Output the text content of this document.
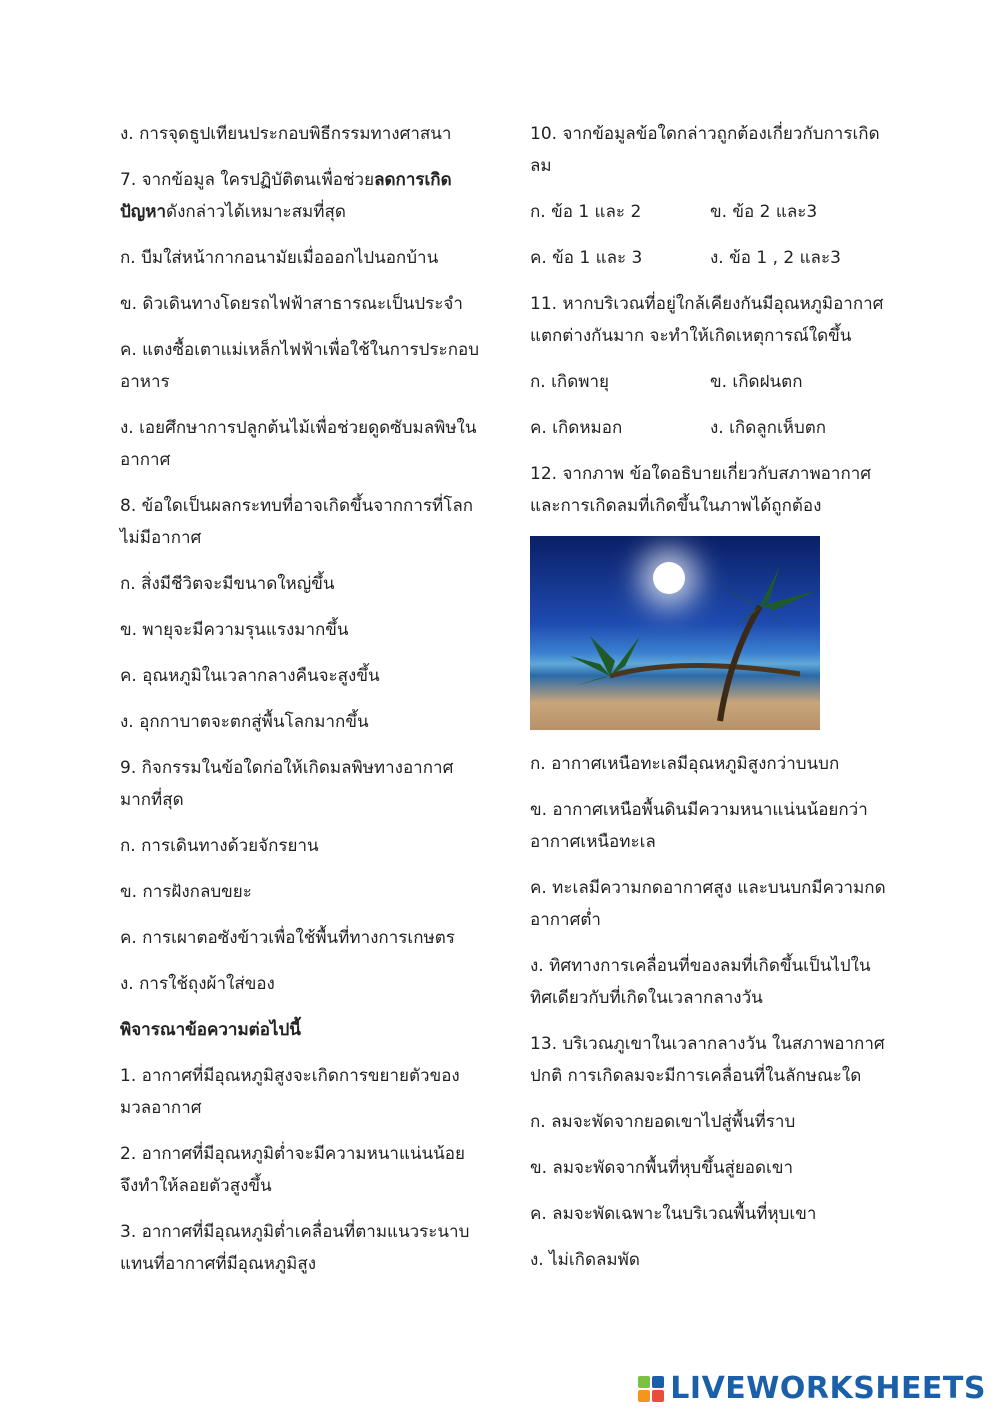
ง. การจุดธูปเทียนประกอบพิธีกรรมทางศาสนา

7. จากข้อมูล ใครปฏิบัติตนเพื่อช่วยลดการเกิดปัญหาดังกล่าวได้เหมาะสมที่สุด

ก. บีมใส่หน้ากากอนามัยเมื่อออกไปนอกบ้าน

ข. ดิวเดินทางโดยรถไฟฟ้าสาธารณะเป็นประจำ

ค. แตงซื้อเตาแม่เหล็กไฟฟ้าเพื่อใช้ในการประกอบอาหาร

ง. เอยศึกษาการปลูกต้นไม้เพื่อช่วยดูดซับมลพิษในอากาศ

8. ข้อใดเป็นผลกระทบที่อาจเกิดขึ้นจากการที่โลกไม่มีอากาศ

ก. สิ่งมีชีวิตจะมีขนาดใหญ่ขึ้น

ข. พายุจะมีความรุนแรงมากขึ้น

ค. อุณหภูมิในเวลากลางคืนจะสูงขึ้น

ง. อุกกาบาตจะตกสู่พื้นโลกมากขึ้น

9. กิจกรรมในข้อใดก่อให้เกิดมลพิษทางอากาศมากที่สุด

ก. การเดินทางด้วยจักรยาน

ข. การฝังกลบขยะ

ค. การเผาตอซังข้าวเพื่อใช้พื้นที่ทางการเกษตร

ง. การใช้ถุงผ้าใส่ของ

พิจารณาข้อความต่อไปนี้

1. อากาศที่มีอุณหภูมิสูงจะเกิดการขยายตัวของมวลอากาศ

2. อากาศที่มีอุณหภูมิต่ำจะมีความหนาแน่นน้อย จึงทำให้ลอยตัวสูงขึ้น

3. อากาศที่มีอุณหภูมิต่ำเคลื่อนที่ตามแนวระนาบแทนที่อากาศที่มีอุณหภูมิสูง

10. จากข้อมูลข้อใดกล่าวถูกต้องเกี่ยวกับการเกิดลม

ก. ข้อ 1 และ 2	ข. ข้อ 2 และ3
ค. ข้อ 1 และ 3	ง. ข้อ 1 , 2 และ3

11. หากบริเวณที่อยู่ใกล้เคียงกันมีอุณหภูมิอากาศแตกต่างกันมาก จะทำให้เกิดเหตุการณ์ใดขึ้น

ก. เกิดพายุ	ข. เกิดฝนตก
ค. เกิดหมอก	ง. เกิดลูกเห็บตก

12. จากภาพ ข้อใดอธิบายเกี่ยวกับสภาพอากาศและการเกิดลมที่เกิดขึ้นในภาพได้ถูกต้อง

ก. อากาศเหนือทะเลมีอุณหภูมิสูงกว่าบนบก

ข. อากาศเหนือพื้นดินมีความหนาแน่นน้อยกว่าอากาศเหนือทะเล

ค. ทะเลมีความกดอากาศสูง และบนบกมีความกดอากาศต่ำ

ง. ทิศทางการเคลื่อนที่ของลมที่เกิดขึ้นเป็นไปในทิศเดียวกับที่เกิดในเวลากลางวัน

13. บริเวณภูเขาในเวลากลางวัน ในสภาพอากาศปกติ การเกิดลมจะมีการเคลื่อนที่ในลักษณะใด

ก. ลมจะพัดจากยอดเขาไปสู่พื้นที่ราบ

ข. ลมจะพัดจากพื้นที่หุบขึ้นสู่ยอดเขา

ค. ลมจะพัดเฉพาะในบริเวณพื้นที่หุบเขา

ง. ไม่เกิดลมพัด

LIVEWORKSHEETS
